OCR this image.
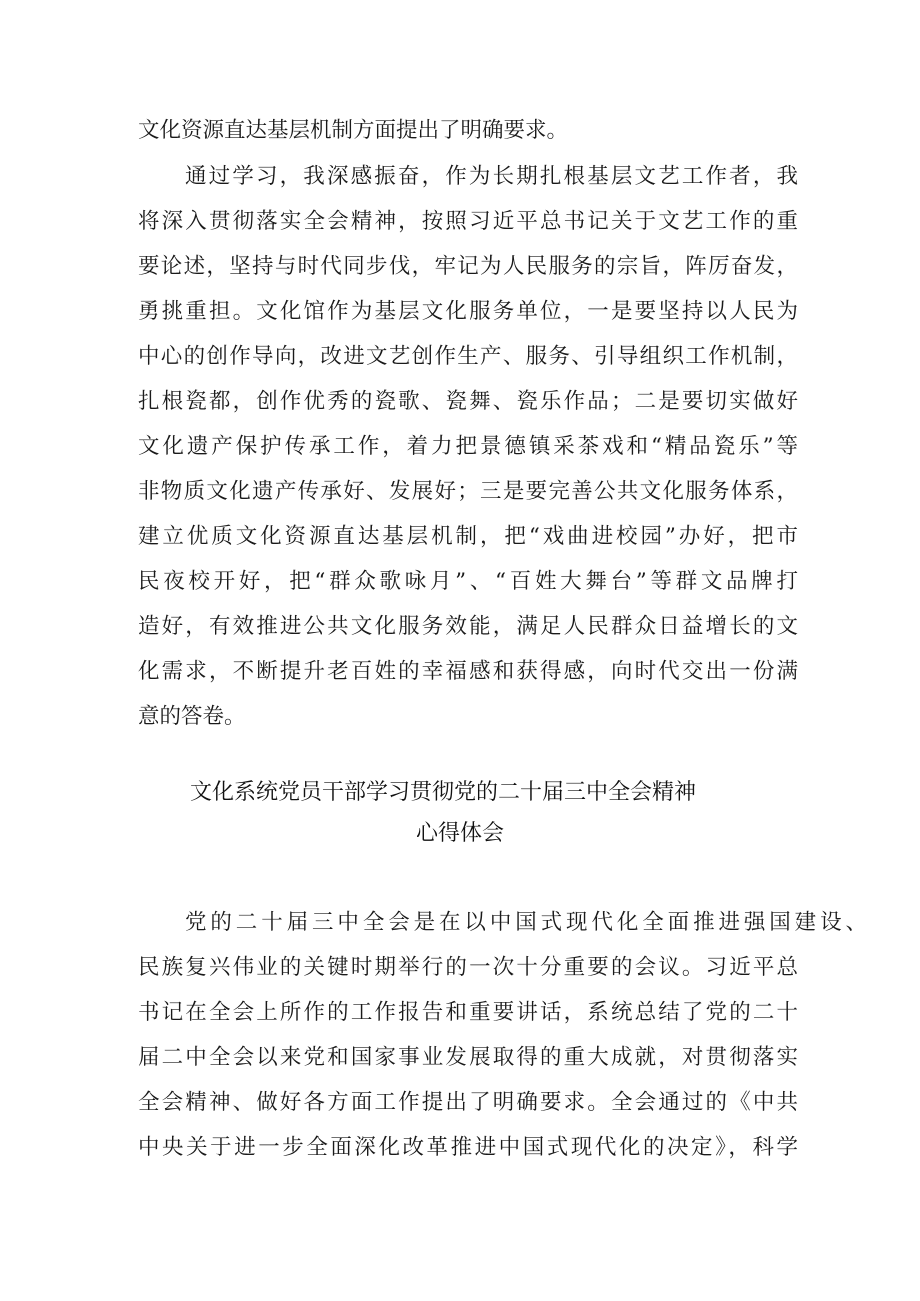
文化资源直达基层机制方面提出了明确要求。
通过学习，我深感振奋，作为长期扎根基层文艺工作者，我
将深入贯彻落实全会精神，按照习近平总书记关于文艺工作的重
要论述，坚持与时代同步伐，牢记为人民服务的宗旨，阵厉奋发，
勇挑重担。文化馆作为基层文化服务单位，一是要坚持以人民为
中心的创作导向，改进文艺创作生产、服务、引导组织工作机制，
扎根瓷都，创作优秀的瓷歌、瓷舞、瓷乐作品；二是要切实做好
文化遗产保护传承工作，着力把景德镇采茶戏和“精品瓷乐”等
非物质文化遗产传承好、发展好；三是要完善公共文化服务体系，
建立优质文化资源直达基层机制，把“戏曲进校园”办好，把市
民夜校开好，把“群众歌咏月”、“百姓大舞台”等群文品牌打
造好，有效推进公共文化服务效能，满足人民群众日益增长的文
化需求，不断提升老百姓的幸福感和获得感，向时代交出一份满
意的答卷。
文化系统党员干部学习贯彻党的二十届三中全会精神
心得体会
党的二十届三中全会是在以中国式现代化全面推进强国建设、
民族复兴伟业的关键时期举行的一次十分重要的会议。习近平总
书记在全会上所作的工作报告和重要讲话，系统总结了党的二十
届二中全会以来党和国家事业发展取得的重大成就，对贯彻落实
全会精神、做好各方面工作提出了明确要求。全会通过的《中共
中央关于进一步全面深化改革推进中国式现代化的决定》，科学
